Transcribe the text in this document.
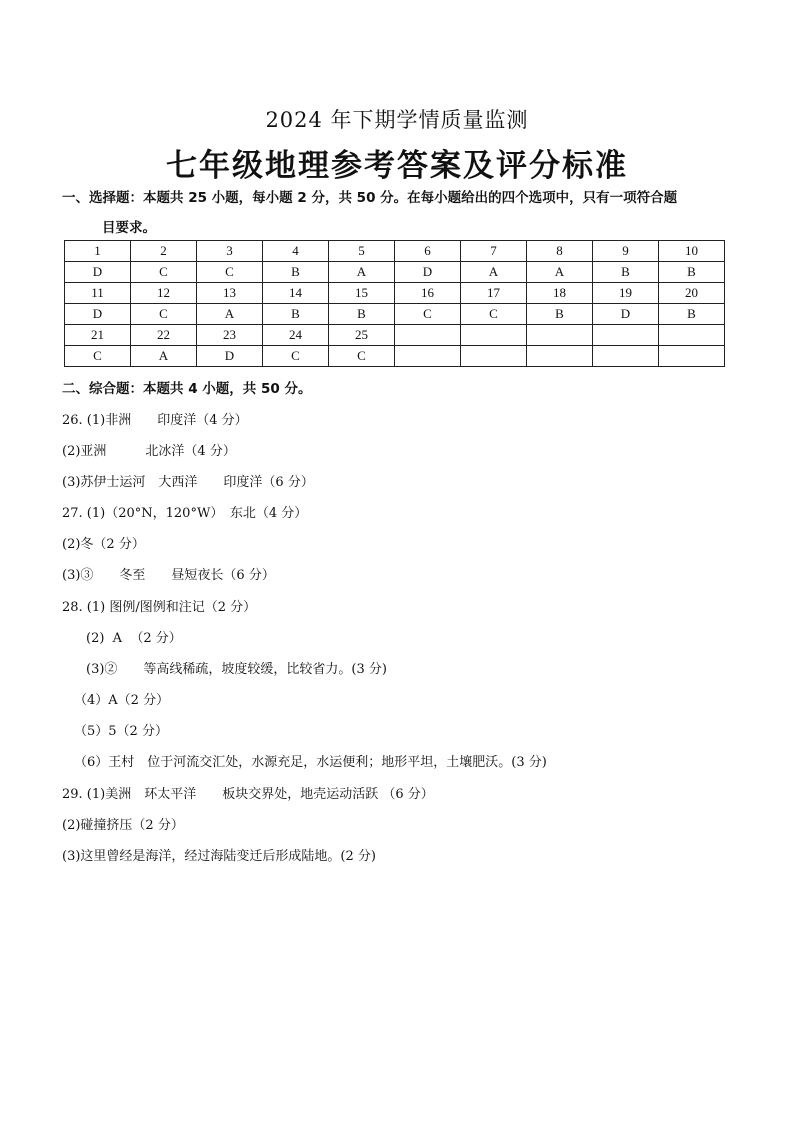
2024 年下期学情质量监测
七年级地理参考答案及评分标准
一、选择题：本题共 25 小题，每小题 2 分，共 50 分。在每小题给出的四个选项中，只有一项符合题
目要求。
1	2	3	4	5	6	7	8	9	10
D	C	C	B	A	D	A	A	B	B
11	12	13	14	15	16	17	18	19	20
D	C	A	B	B	C	C	B	D	B
21	22	23	24	25					
C	A	D	C	C					
二、综合题：本题共 4 小题，共 50 分。
26. (1)非洲　　印度洋（4 分）
(2)亚洲　　　北冰洋（4 分）
(3)苏伊士运河　大西洋　　印度洋（6 分）
27. (1)（20°N，120°W）　东北（4 分）
(2)冬（2 分）
(3)③　　冬至　　昼短夜长（6 分）
28. (1) 图例/图例和注记（2 分）
(2)  A  （2 分）
(3)②　　等高线稀疏，坡度较缓，比较省力。(3 分)
（4）A（2 分）
（5）5（2 分）
（6）王村　位于河流交汇处，水源充足，水运便利；地形平坦，土壤肥沃。(3 分)
29. (1)美洲　环太平洋　　板块交界处，地壳运动活跃 （6 分）
(2)碰撞挤压（2 分）
(3)这里曾经是海洋，经过海陆变迁后形成陆地。(2 分)
